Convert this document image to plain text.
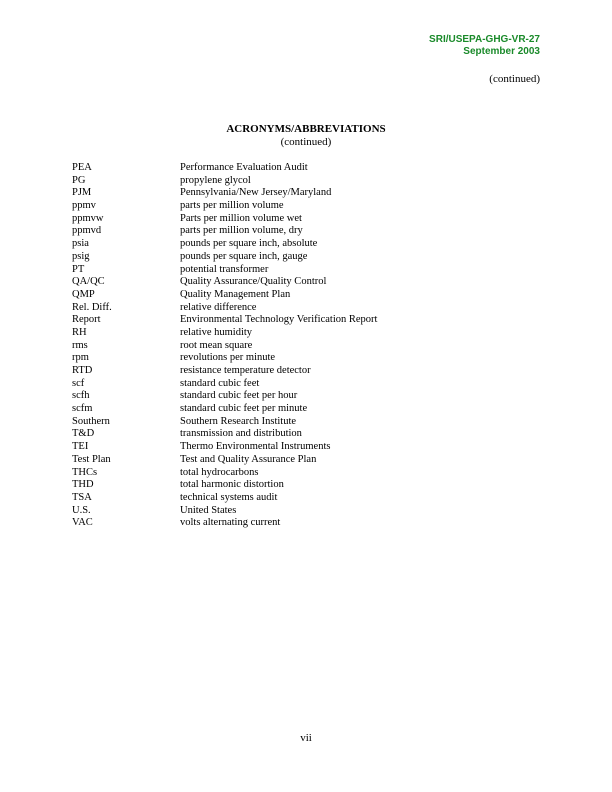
SRI/USEPA-GHG-VR-27
September 2003
(continued)
ACRONYMS/ABBREVIATIONS
(continued)
PEA	Performance Evaluation Audit
PG	propylene glycol
PJM	Pennsylvania/New Jersey/Maryland
ppmv	parts per million volume
ppmvw	Parts per million volume wet
ppmvd	parts per million volume, dry
psia	pounds per square inch, absolute
psig	pounds per square inch, gauge
PT	potential transformer
QA/QC	Quality Assurance/Quality Control
QMP	Quality Management Plan
Rel. Diff.	relative difference
Report	Environmental Technology Verification Report
RH	relative humidity
rms	root mean square
rpm	revolutions per minute
RTD	resistance temperature detector
scf	standard cubic feet
scfh	standard cubic feet per hour
scfm	standard cubic feet per minute
Southern	Southern Research Institute
T&D	transmission and distribution
TEI	Thermo Environmental Instruments
Test Plan	Test and Quality Assurance Plan
THCs	total hydrocarbons
THD	total harmonic distortion
TSA	technical systems audit
U.S.	United States
VAC	volts alternating current
vii
